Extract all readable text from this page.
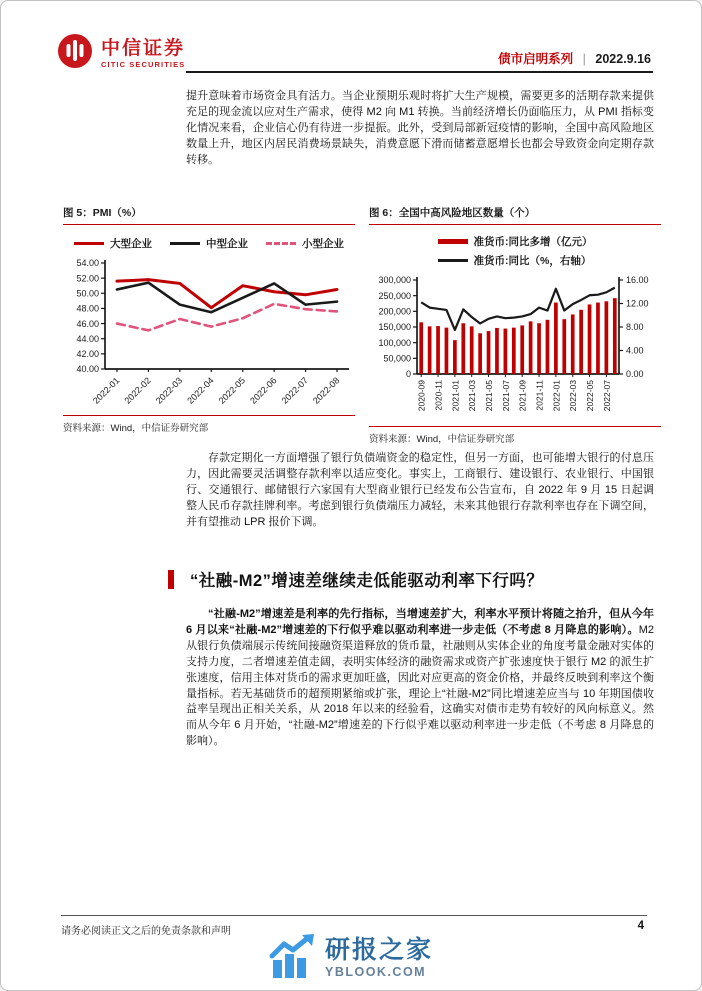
中信证券
CITIC SECURITIES	债市启明系列 | 2022.9.16

提升意味着市场资金具有活力。当企业预期乐观时将扩大生产规模，需要更多的活期存款来提供充足的现金流以应对生产需求，使得 M2 向 M1 转换。当前经济增长仍面临压力，从 PMI 指标变化情况来看，企业信心仍有待进一步提振。此外，受到局部新冠疫情的影响，全国中高风险地区数量上升，地区内居民消费场景缺失，消费意愿下滑而储蓄意愿增长也都会导致资金向定期存款转移。

图 5：PMI（%）
大型企业	中型企业	小型企业
40.00
42.00
44.00
46.00
48.00
50.00
52.00
54.00
2022-01 2022-02 2022-03 2022-04 2022-05 2022-06 2022-07 2022-08
资料来源：Wind，中信证券研究部
图 6：全国中高风险地区数量（个）
准货币:同比多增（亿元）
准货币:同比（%，右轴）
0
50,000
100,000
150,000
200,000
250,000
300,000
0.00
4.00
8.00
12.00
16.00
2020-09 2020-11 2021-01 2021-03 2021-05 2021-07 2021-09 2021-11 2022-01 2022-03 2022-05 2022-07
资料来源：Wind，中信证券研究部

存款定期化一方面增强了银行负债端资金的稳定性，但另一方面，也可能增大银行的付息压力，因此需要灵活调整存款利率以适应变化。事实上，工商银行、建设银行、农业银行、中国银行、交通银行、邮储银行六家国有大型商业银行已经发布公告宣布，自 2022 年 9 月 15 日起调整人民币存款挂牌利率。考虑到银行负债端压力减轻，未来其他银行存款利率也存在下调空间，并有望推动 LPR 报价下调。

“社融-M2”增速差继续走低能驱动利率下行吗？

“社融-M2”增速差是利率的先行指标，当增速差扩大，利率水平预计将随之抬升，但从今年 6 月以来“社融-M2”增速差的下行似乎难以驱动利率进一步走低（不考虑 8 月降息的影响）。M2 从银行负债端展示传统间接融资渠道释放的货币量，社融则从实体企业的角度考量金融对实体的支持力度，二者增速差值走阔，表明实体经济的融资需求或资产扩张速度快于银行 M2 的派生扩张速度，信用主体对货币的需求更加旺盛，因此对应更高的资金价格，并最终反映到利率这个衡量指标。若无基础货币的超预期紧缩或扩张，理论上“社融-M2”同比增速差应当与 10 年期国债收益率呈现出正相关关系，从 2018 年以来的经验看，这确实对债市走势有较好的风向标意义。然而从今年 6 月开始，“社融-M2”增速差的下行似乎难以驱动利率进一步走低（不考虑 8 月降息的影响）。

请务必阅读正文之后的免责条款和声明	4
研报之家
YBLOOK.COM
